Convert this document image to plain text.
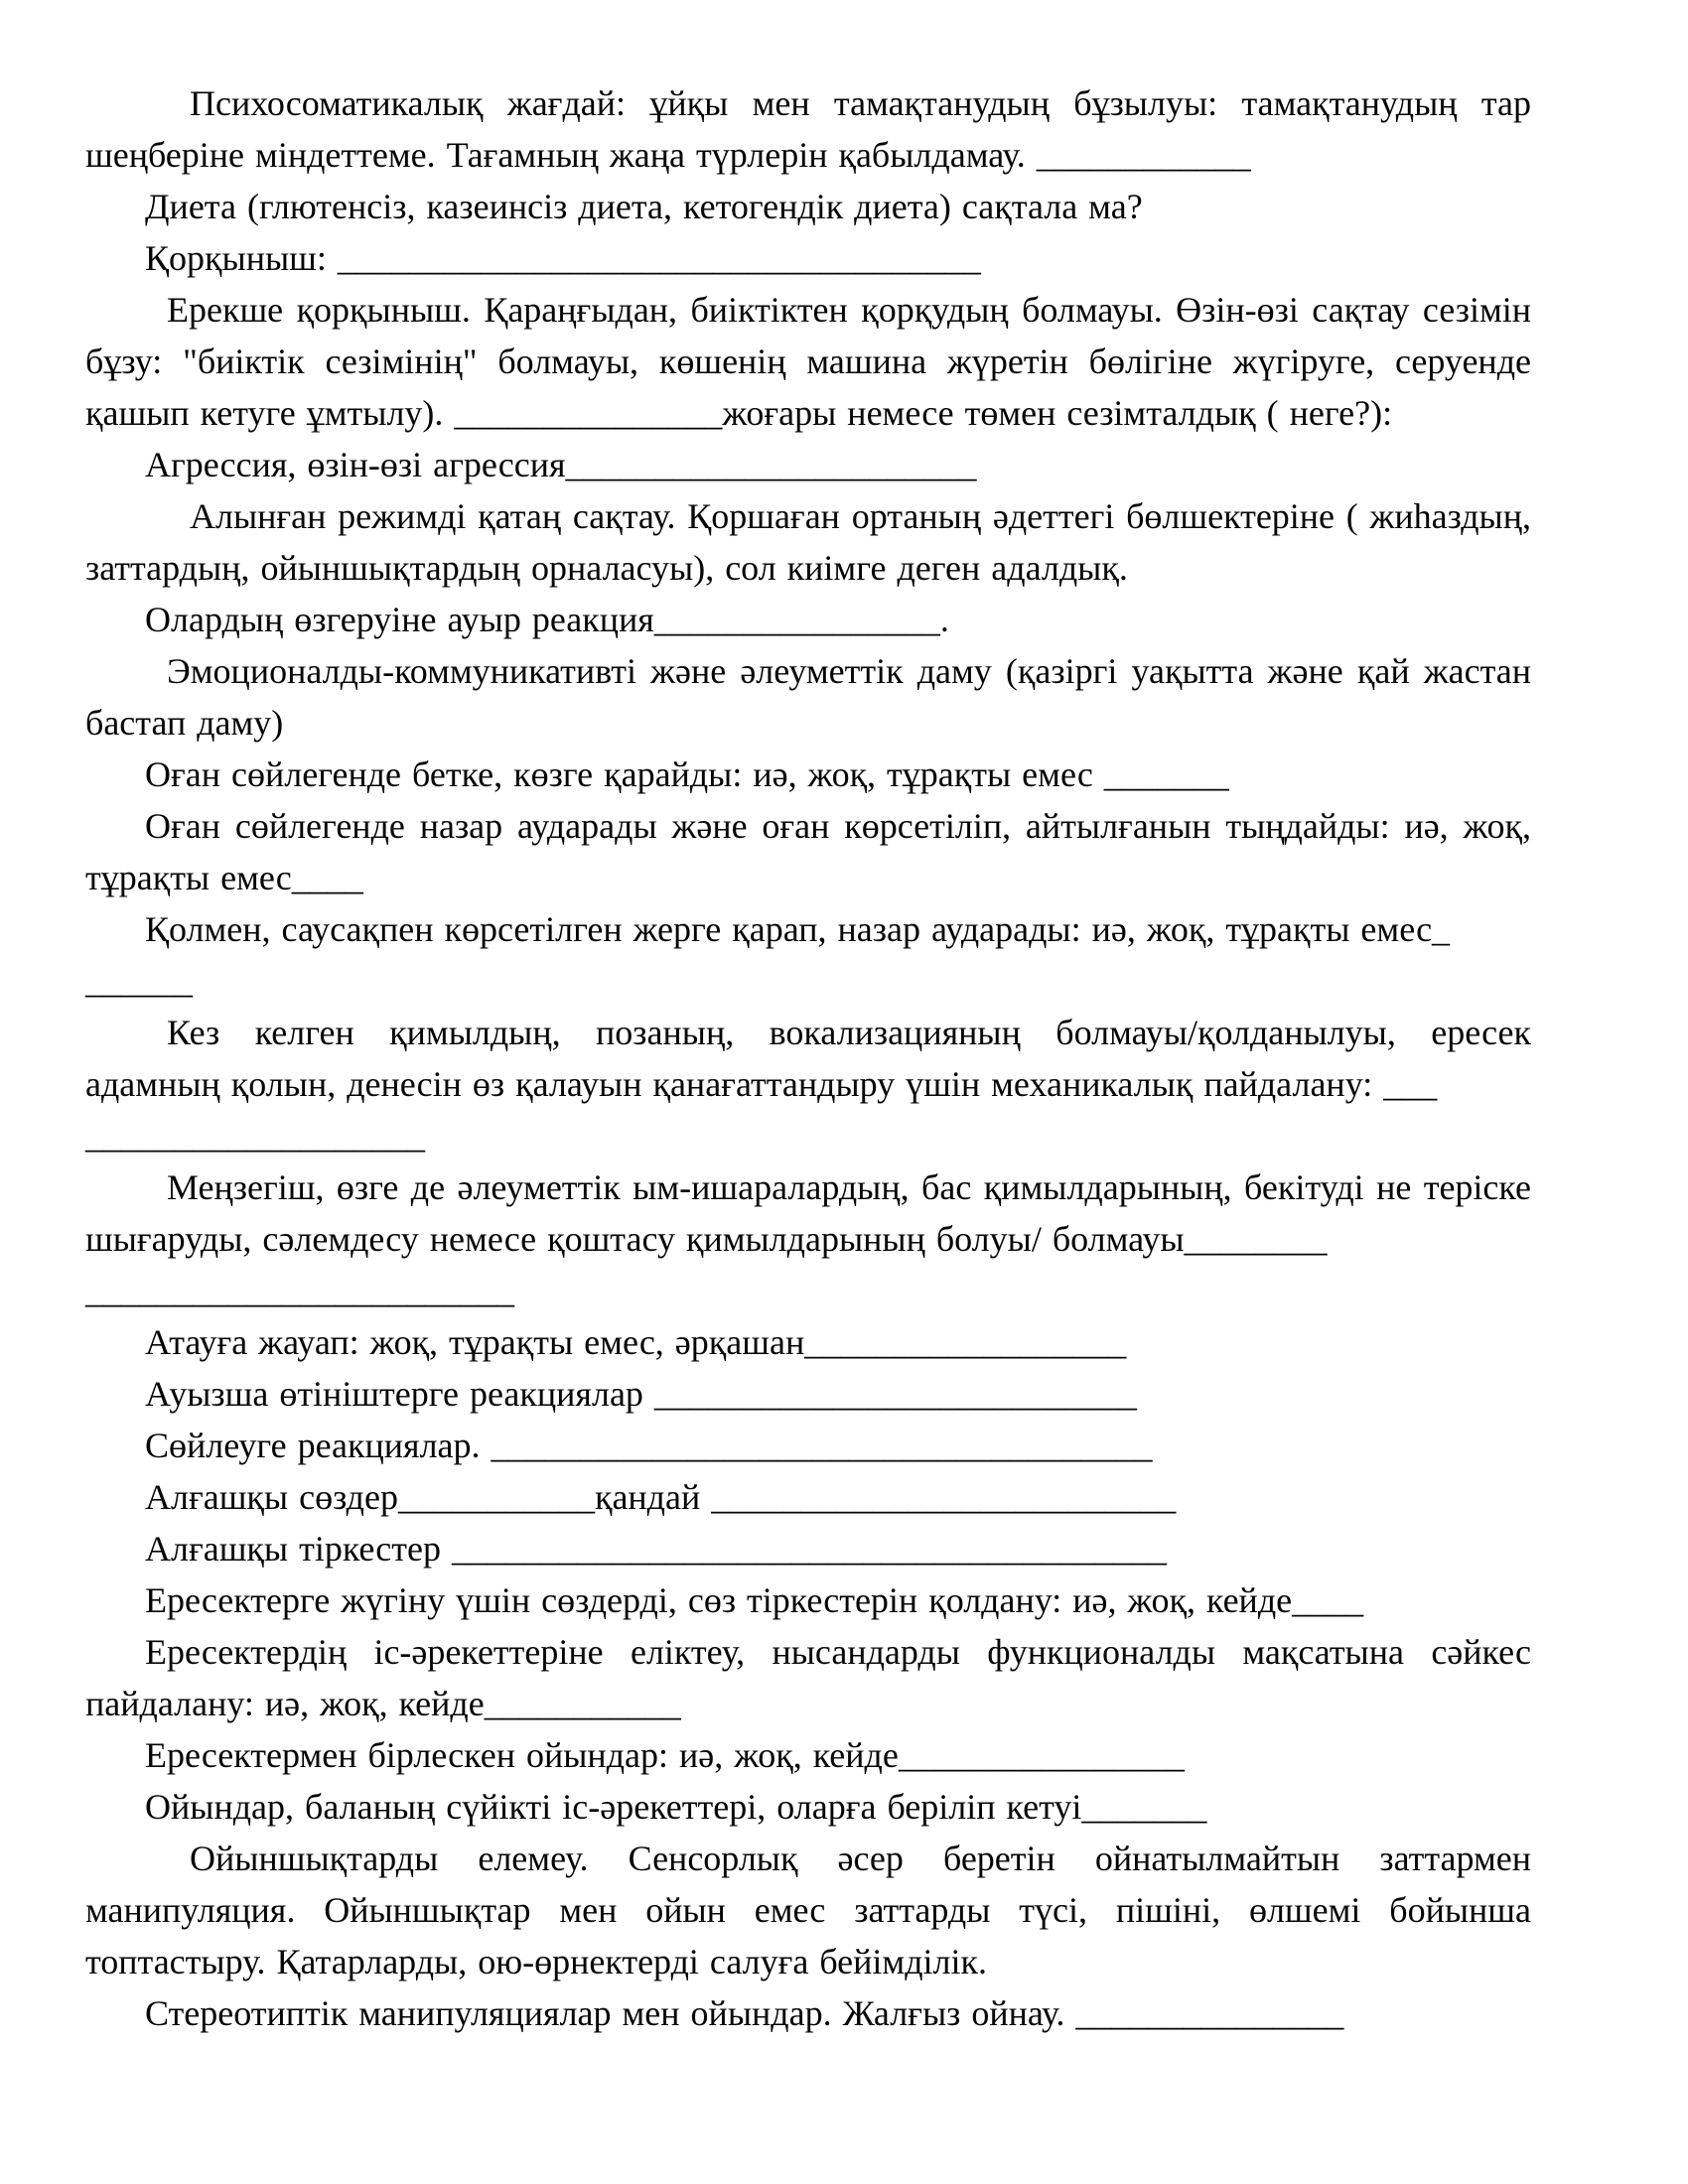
Психосоматикалық жағдай: ұйқы мен тамақтанудың бұзылуы: тамақтанудың тар шеңберіне міндеттеме. Тағамның жаңа түрлерін қабылдамау. ____________

Диета (глютенсіз, казеинсіз диета, кетогендік диета) сақтала ма?

Қорқыныш: ____________________________________

Ерекше қорқыныш. Қараңғыдан, биіктіктен қорқудың болмауы. Өзін-өзі сақтау сезімін бұзу: "биіктік сезімінің" болмауы, көшенің машина жүретін бөлігіне жүгіруге, серуенде қашып кетуге ұмтылу). _______________жоғары немесе төмен сезімталдық ( неге?):

Агрессия, өзін-өзі агрессия_______________________

Алынған режимді қатаң сақтау. Қоршаған ортаның әдеттегі бөлшектеріне ( жиһаздың, заттардың, ойыншықтардың орналасуы), сол киімге деген адалдық.

Олардың өзгеруіне ауыр реакция________________.

Эмоционалды-коммуникативті және әлеуметтік даму (қазіргі уақытта және қай жастан бастап даму)

Оған сөйлегенде бетке, көзге қарайды: иә, жоқ, тұрақты емес _______

Оған сөйлегенде назар аударады және оған көрсетіліп, айтылғанын тыңдайды: иә, жоқ, тұрақты емес____

Қолмен, саусақпен көрсетілген жерге қарап, назар аударады: иә, жоқ, тұрақты емес_

______

Кез келген қимылдың, позаның, вокализацияның болмауы/қолданылуы, ересек адамның қолын, денесін өз қалауын қанағаттандыру үшін механикалық пайдалану: ___

___________________

Меңзегіш, өзге де әлеуметтік ым-ишаралардың, бас қимылдарының, бекітуді не теріске шығаруды, сәлемдесу немесе қоштасу қимылдарының болуы/ болмауы________

________________________

Атауға жауап: жоқ, тұрақты емес, әрқашан__________________

Ауызша өтініштерге реакциялар ___________________________

Сөйлеуге реакциялар. _____________________________________

Алғашқы сөздер___________қандай __________________________

Алғашқы тіркестер ________________________________________

Ересектерге жүгіну үшін сөздерді, сөз тіркестерін қолдану: иә, жоқ, кейде____

Ересектердің іс-әрекеттеріне еліктеу, нысандарды функционалды мақсатына сәйкес пайдалану: иә, жоқ, кейде___________

Ересектермен бірлескен ойындар: иә, жоқ, кейде________________

Ойындар, баланың сүйікті іс-әрекеттері, оларға беріліп кетуі_______

Ойыншықтарды елемеу. Сенсорлық әсер беретін ойнатылмайтын заттармен манипуляция. Ойыншықтар мен ойын емес заттарды түсі, пішіні, өлшемі бойынша топтастыру. Қатарларды, ою-өрнектерді салуға бейімділік.

Стереотиптік манипуляциялар мен ойындар. Жалғыз ойнау. _______________
